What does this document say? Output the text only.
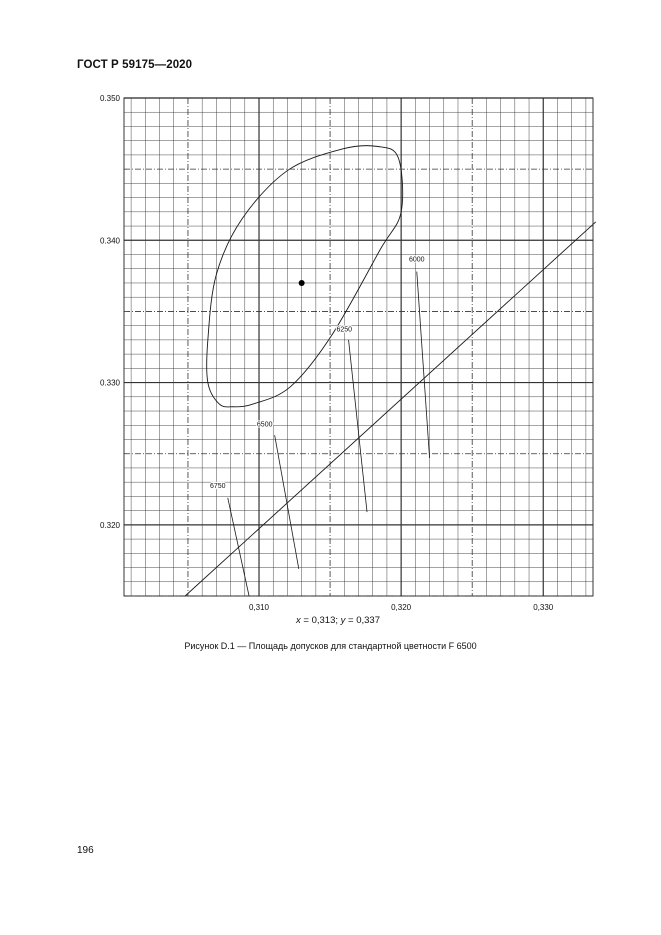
ГОСТ Р 59175—2020
0,310	0,320	0,330
0.350
0.340
0.330
0.320
6000
6250
6500
6750
x = 0,313; y = 0,337
Рисунок D.1 — Площадь допусков для стандартной цветности F 6500
196
